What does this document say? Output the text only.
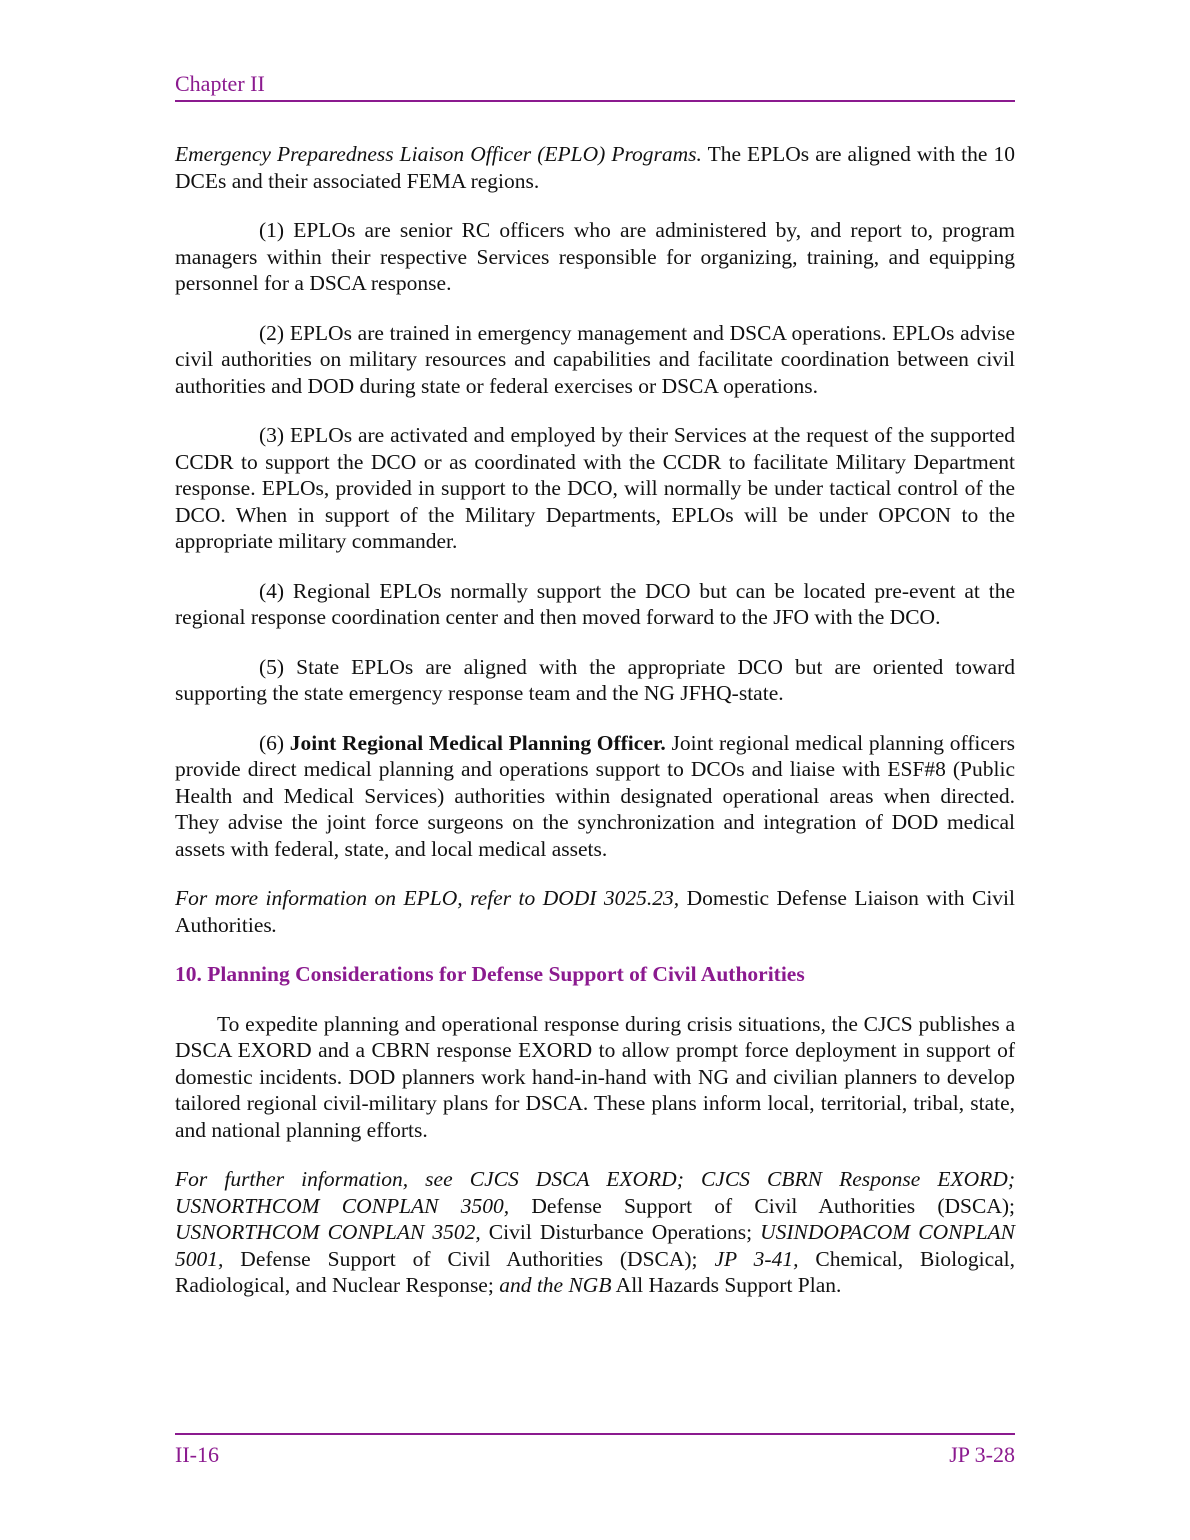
Chapter II

Emergency Preparedness Liaison Officer (EPLO) Programs. The EPLOs are aligned with the 10 DCEs and their associated FEMA regions.

(1) EPLOs are senior RC officers who are administered by, and report to, program managers within their respective Services responsible for organizing, training, and equipping personnel for a DSCA response.

(2) EPLOs are trained in emergency management and DSCA operations. EPLOs advise civil authorities on military resources and capabilities and facilitate coordination between civil authorities and DOD during state or federal exercises or DSCA operations.

(3) EPLOs are activated and employed by their Services at the request of the supported CCDR to support the DCO or as coordinated with the CCDR to facilitate Military Department response. EPLOs, provided in support to the DCO, will normally be under tactical control of the DCO. When in support of the Military Departments, EPLOs will be under OPCON to the appropriate military commander.

(4) Regional EPLOs normally support the DCO but can be located pre-event at the regional response coordination center and then moved forward to the JFO with the DCO.

(5) State EPLOs are aligned with the appropriate DCO but are oriented toward supporting the state emergency response team and the NG JFHQ-state.

(6) Joint Regional Medical Planning Officer. Joint regional medical planning officers provide direct medical planning and operations support to DCOs and liaise with ESF#8 (Public Health and Medical Services) authorities within designated operational areas when directed. They advise the joint force surgeons on the synchronization and integration of DOD medical assets with federal, state, and local medical assets.

For more information on EPLO, refer to DODI 3025.23, Domestic Defense Liaison with Civil Authorities.

10. Planning Considerations for Defense Support of Civil Authorities

To expedite planning and operational response during crisis situations, the CJCS publishes a DSCA EXORD and a CBRN response EXORD to allow prompt force deployment in support of domestic incidents. DOD planners work hand-in-hand with NG and civilian planners to develop tailored regional civil-military plans for DSCA. These plans inform local, territorial, tribal, state, and national planning efforts.

For further information, see CJCS DSCA EXORD; CJCS CBRN Response EXORD; USNORTHCOM CONPLAN 3500, Defense Support of Civil Authorities (DSCA); USNORTHCOM CONPLAN 3502, Civil Disturbance Operations; USINDOPACOM CONPLAN 5001, Defense Support of Civil Authorities (DSCA); JP 3-41, Chemical, Biological, Radiological, and Nuclear Response; and the NGB All Hazards Support Plan.

II-16	JP 3-28
